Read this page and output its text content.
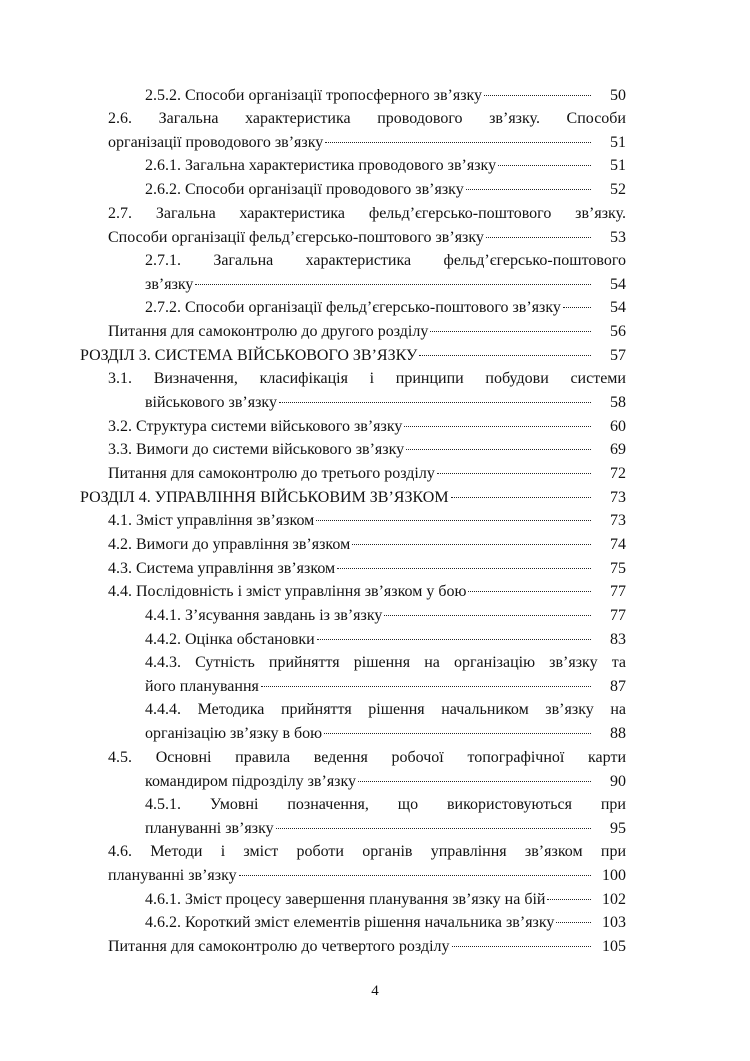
2.5.2. Способи організації тропосферного зв’язку	50
2.6. Загальна характеристика проводового зв’язку. Способи
організації проводового зв’язку	51
2.6.1. Загальна характеристика проводового зв’язку	51
2.6.2. Способи організації проводового зв’язку	52
2.7. Загальна характеристика фельд’єгерсько-поштового зв’язку.
Способи організації фельд’єгерсько-поштового зв’язку	53
2.7.1. Загальна характеристика фельд’єгерсько-поштового
зв’язку	54
2.7.2. Способи організації фельд’єгерсько-поштового зв’язку	54
Питання для самоконтролю до другого розділу	56
РОЗДІЛ 3. СИСТЕМА ВІЙСЬКОВОГО ЗВ’ЯЗКУ	57
3.1. Визначення, класифікація і принципи побудови системи
військового зв’язку	58
3.2. Структура системи військового зв’язку	60
3.3. Вимоги до системи військового зв’язку	69
Питання для самоконтролю до третього розділу	72
РОЗДІЛ 4. УПРАВЛІННЯ ВІЙСЬКОВИМ ЗВ’ЯЗКОМ	73
4.1. Зміст управління зв’язком	73
4.2. Вимоги до управління зв’язком	74
4.3. Система управління зв’язком	75
4.4. Послідовність і зміст управління зв’язком у бою	77
4.4.1. З’ясування завдань із зв’язку	77
4.4.2. Оцінка обстановки	83
4.4.3. Сутність прийняття рішення на організацію зв’язку та
його планування	87
4.4.4. Методика прийняття рішення начальником зв’язку на
організацію зв’язку в бою	88
4.5. Основні правила ведення робочої топографічної карти
командиром підрозділу зв’язку	90
4.5.1. Умовні позначення, що використовуються при
плануванні зв’язку	95
4.6. Методи і зміст роботи органів управління зв’язком при
плануванні зв’язку	100
4.6.1. Зміст процесу завершення планування зв’язку на бій	102
4.6.2. Короткий зміст елементів рішення начальника зв’язку	103
Питання для самоконтролю до четвертого розділу	105
4
